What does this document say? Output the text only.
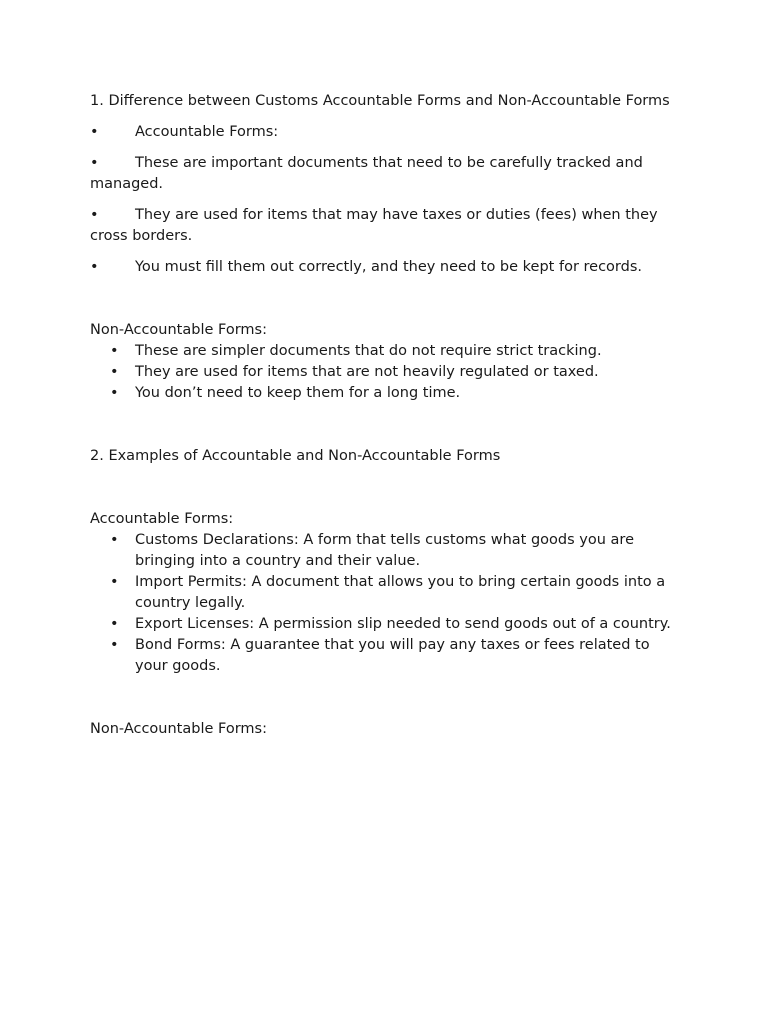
1. Difference between Customs Accountable Forms and Non-Accountable Forms

•	Accountable Forms:

•	These are important documents that need to be carefully tracked and managed.

•	They are used for items that may have taxes or duties (fees) when they cross borders.

•	You must fill them out correctly, and they need to be kept for records.

Non-Accountable Forms:

• These are simpler documents that do not require strict tracking.
• They are used for items that are not heavily regulated or taxed.
• You don’t need to keep them for a long time.

2. Examples of Accountable and Non-Accountable Forms

Accountable Forms:

• Customs Declarations: A form that tells customs what goods you are bringing into a country and their value.
• Import Permits: A document that allows you to bring certain goods into a country legally.
• Export Licenses: A permission slip needed to send goods out of a country.
• Bond Forms: A guarantee that you will pay any taxes or fees related to your goods.

Non-Accountable Forms:
